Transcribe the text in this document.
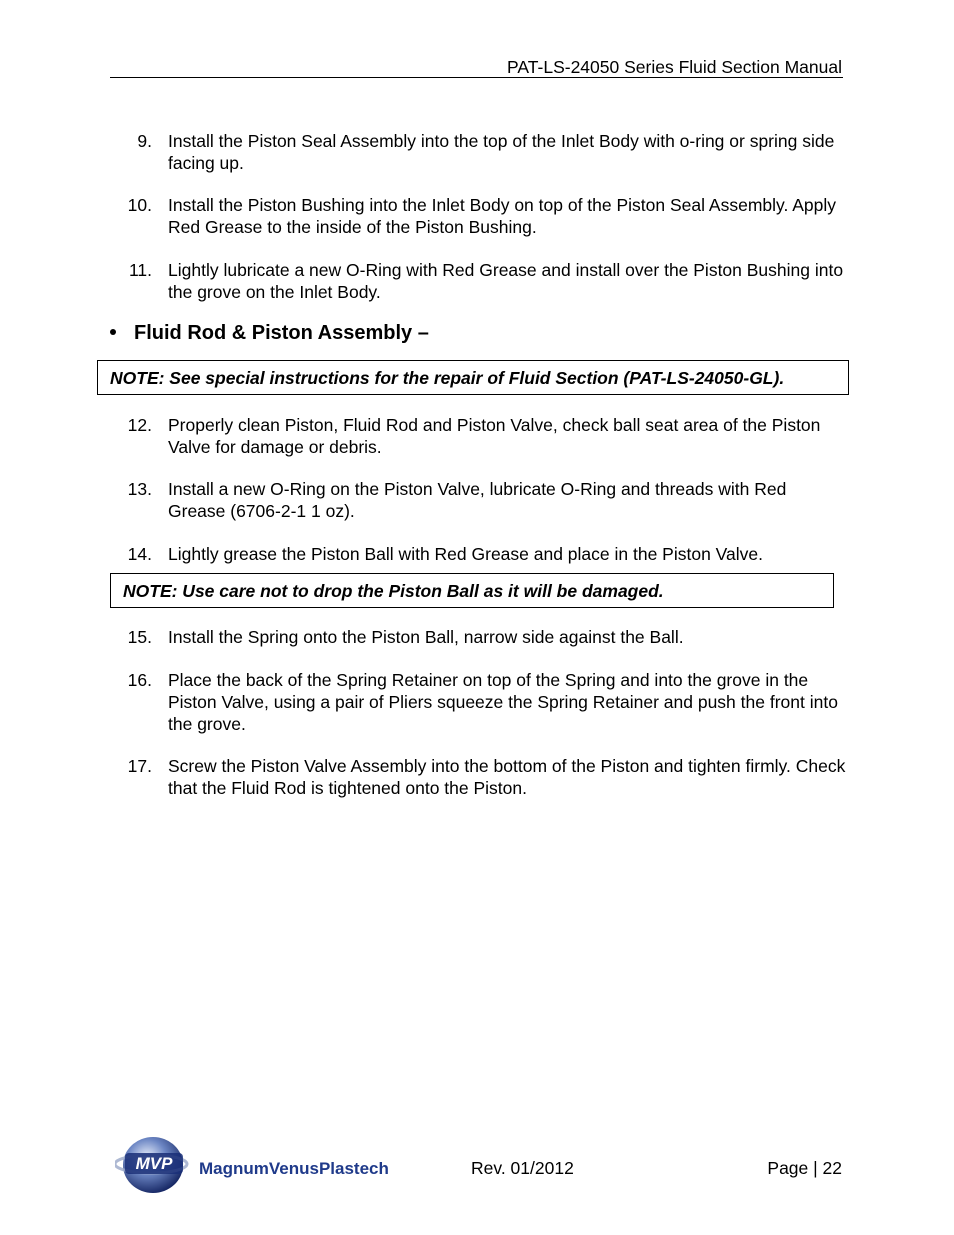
PAT-LS-24050 Series Fluid Section Manual
9. Install the Piston Seal Assembly into the top of the Inlet Body with o-ring or spring side facing up.
10. Install the Piston Bushing into the Inlet Body on top of the Piston Seal Assembly. Apply Red Grease to the inside of the Piston Bushing.
11. Lightly lubricate a new O-Ring with Red Grease and install over the Piston Bushing into the grove on the Inlet Body.
Fluid Rod & Piston Assembly –
NOTE: See special instructions for the repair of Fluid Section (PAT-LS-24050-GL).
12. Properly clean Piston, Fluid Rod and Piston Valve, check ball seat area of the Piston Valve for damage or debris.
13. Install a new O-Ring on the Piston Valve, lubricate O-Ring and threads with Red Grease (6706-2-1 1 oz).
14. Lightly grease the Piston Ball with Red Grease and place in the Piston Valve.
NOTE: Use care not to drop the Piston Ball as it will be damaged.
15. Install the Spring onto the Piston Ball, narrow side against the Ball.
16. Place the back of the Spring Retainer on top of the Spring and into the grove in the Piston Valve, using a pair of Pliers squeeze the Spring Retainer and push the front into the grove.
17. Screw the Piston Valve Assembly into the bottom of the Piston and tighten firmly. Check that the Fluid Rod is tightened onto the Piston.
MVP MagnumVenusPlastech	Rev. 01/2012	Page | 22
